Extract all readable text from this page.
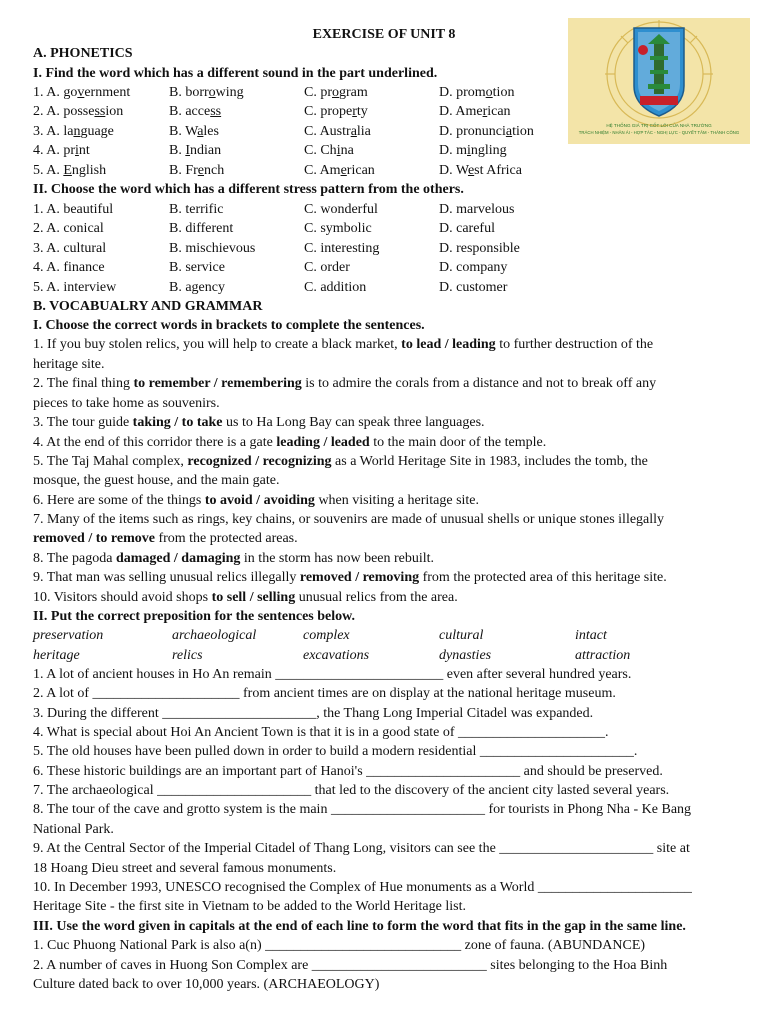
HỆ THỐNG GIÁ TRỊ CỐT LÕI CỦA NHÀ TRƯỜNG
TRÁCH NHIỆM - NHÂN ÁI - HỢP TÁC - NGHỊ LỰC - QUYẾT TÂM - THÀNH CÔNG
EXERCISE OF UNIT 8
A. PHONETICS
I. Find the word which has a different sound in the part underlined.
1. A. government	B. borrowing	C. program	D. promotion
2. A. possession	B. access	C. property	D. American
3. A. language	B. Wales	C. Australia	D. pronunciation
4. A. print	B. Indian	C. China	D. mingling
5. A. English	B. French	C. American	D. West Africa
II. Choose the word which has a different stress pattern from the others.
1. A. beautiful	B. terrific	C. wonderful	D. marvelous
2. A. conical	B. different	C. symbolic	D. careful
3. A. cultural	B. mischievous	C. interesting	D. responsible
4. A. finance	B. service	C. order	D. company
5. A. interview	B. agency	C. addition	D. customer
B. VOCABUALRY AND GRAMMAR
I. Choose the correct words in brackets to complete the sentences.
1. If you buy stolen relics, you will help to create a black market, to lead / leading to further destruction of the
heritage site.
2. The final thing to remember / remembering is to admire the corals from a distance and not to break off any
pieces to take home as souvenirs.
3. The tour guide taking / to take us to Ha Long Bay can speak three languages.
4. At the end of this corridor there is a gate leading / leaded to the main door of the temple.
5. The Taj Mahal complex, recognized / recognizing as a World Heritage Site in 1983, includes the tomb, the
mosque, the guest house, and the main gate.
6. Here are some of the things to avoid / avoiding when visiting a heritage site.
7. Many of the items such as rings, key chains, or souvenirs are made of unusual shells or unique stones illegally
removed / to remove from the protected areas.
8. The pagoda damaged / damaging in the storm has now been rebuilt.
9. That man was selling unusual relics illegally removed / removing from the protected area of this heritage site.
10. Visitors should avoid shops to sell / selling unusual relics from the area.
II. Put the correct preposition for the sentences below.
preservation	archaeological	complex	cultural	intact
heritage	relics	excavations	dynasties	attraction
1. A lot of ancient houses in Ho An remain ________________________ even after several hundred years.
2. A lot of _____________________ from ancient times are on display at the national heritage museum.
3. During the different ______________________, the Thang Long Imperial Citadel was expanded.
4. What is special about Hoi An Ancient Town is that it is in a good state of _____________________.
5. The old houses have been pulled down in order to build a modern residential ______________________.
6. These historic buildings are an important part of Hanoi's ______________________ and should be preserved.
7. The archaeological ______________________ that led to the discovery of the ancient city lasted several years.
8. The tour of the cave and grotto system is the main ______________________ for tourists in Phong Nha - Ke Bang
National Park.
9. At the Central Sector of the Imperial Citadel of Thang Long, visitors can see the ______________________ site at
18 Hoang Dieu street and several famous monuments.
10. In December 1993, UNESCO recognised the Complex of Hue monuments as a World ______________________
Heritage Site - the first site in Vietnam to be added to the World Heritage list.
III. Use the word given in capitals at the end of each line to form the word that fits in the gap in the same line.
1. Cuc Phuong National Park is also a(n) ____________________________ zone of fauna. (ABUNDANCE)
2. A number of caves in Huong Son Complex are _________________________ sites belonging to the Hoa Binh
Culture dated back to over 10,000 years. (ARCHAEOLOGY)
